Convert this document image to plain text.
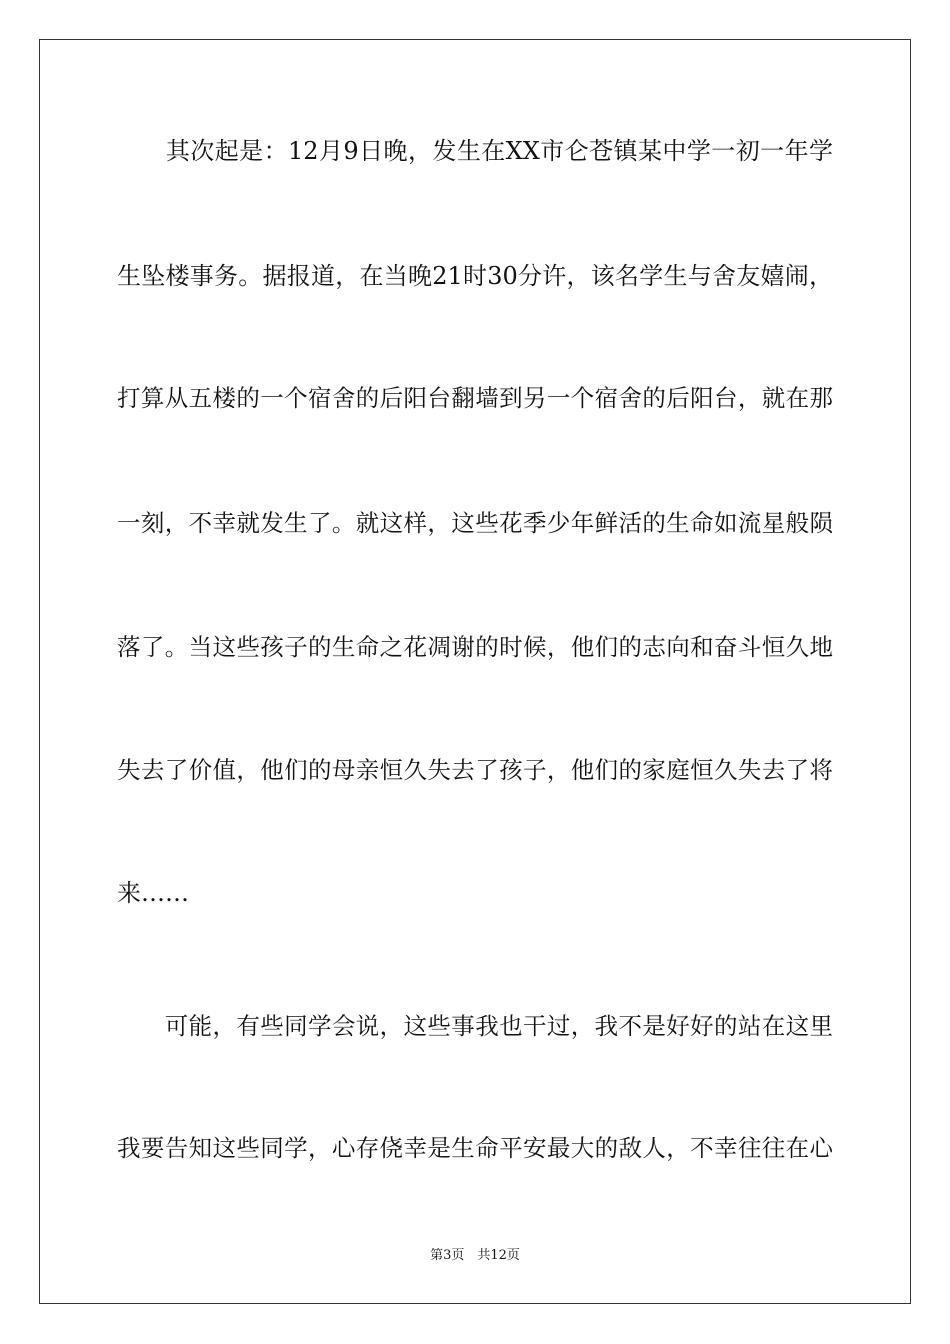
　　其次起是：12月9日晚，发生在XX市仑苍镇某中学一初一年学
生坠楼事务。据报道，在当晚21时30分许，该名学生与舍友嬉闹，
打算从五楼的一个宿舍的后阳台翻墙到另一个宿舍的后阳台，就在那
一刻，不幸就发生了。就这样，这些花季少年鲜活的生命如流星般陨
落了。当这些孩子的生命之花凋谢的时候，他们的志向和奋斗恒久地
失去了价值，他们的母亲恒久失去了孩子，他们的家庭恒久失去了将
来……
　　可能，有些同学会说，这些事我也干过，我不是好好的站在这里
我要告知这些同学，心存侥幸是生命平安最大的敌人，不幸往往在心
第3页　共12页
